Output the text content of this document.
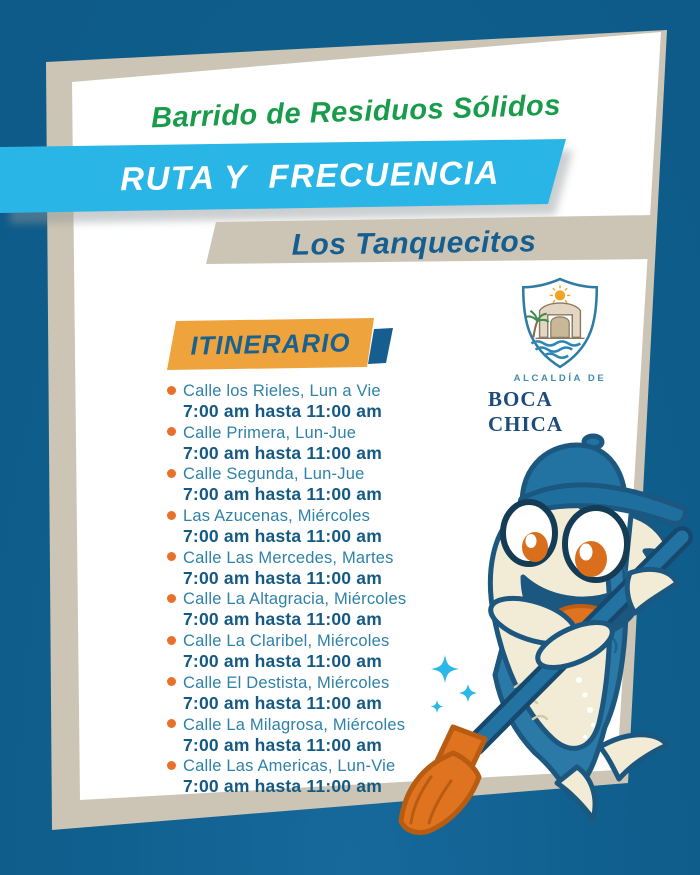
Barrido de Residuos Sólidos
RUTA Y  FRECUENCIA
Los Tanquecitos
ITINERARIO
ALCALDÍA DE
BOCA CHICA
Calle los Rieles, Lun a Vie
7:00 am hasta 11:00 am
Calle Primera, Lun-Jue
7:00 am hasta 11:00 am
Calle Segunda, Lun-Jue
7:00 am hasta 11:00 am
Las Azucenas, Miércoles
7:00 am hasta 11:00 am
Calle Las Mercedes, Martes
7:00 am hasta 11:00 am
Calle La Altagracia, Miércoles
7:00 am hasta 11:00 am
Calle La Claribel, Miércoles
7:00 am hasta 11:00 am
Calle El Destista, Miércoles
7:00 am hasta 11:00 am
Calle La Milagrosa, Miércoles
7:00 am hasta 11:00 am
Calle Las Americas, Lun-Vie
7:00 am hasta 11:00 am
